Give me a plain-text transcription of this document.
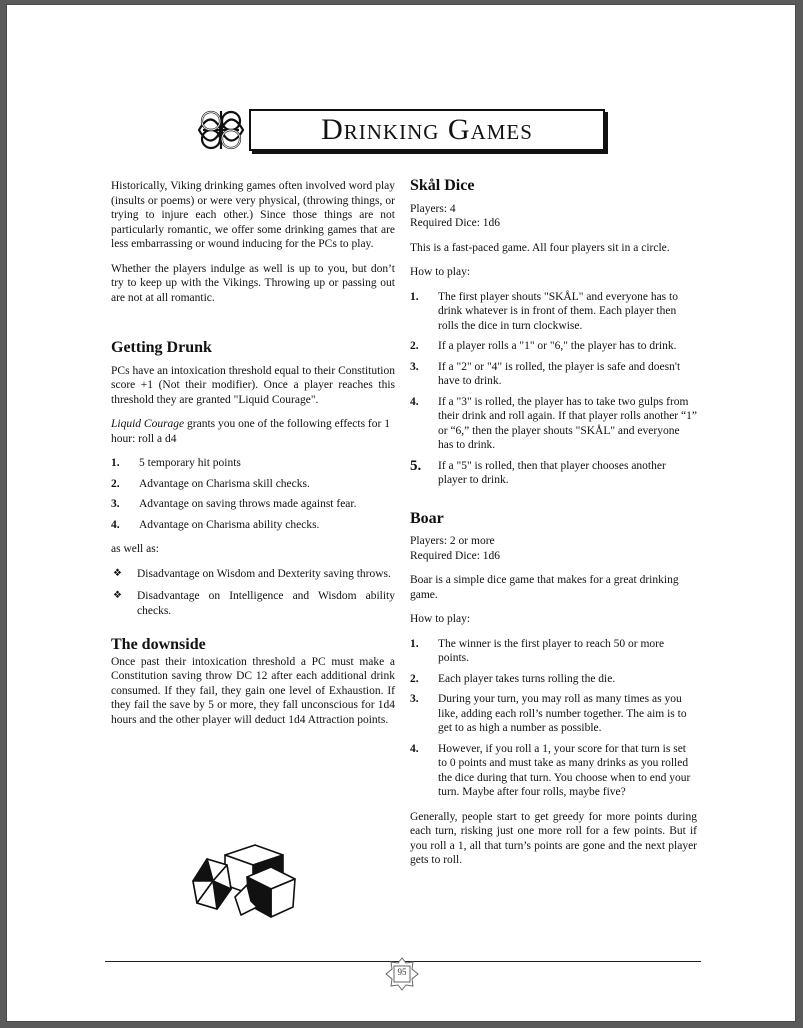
Drinking Games

Historically, Viking drinking games often involved word play (insults or poems) or were very physical, (throwing things, or trying to injure each other.) Since those things are not particularly romantic, we offer some drinking games that are less embarrassing or wound inducing for the PCs to play.

Whether the players indulge as well is up to you, but don’t try to keep up with the Vikings. Throwing up or passing out are not at all romantic.

Getting Drunk

PCs have an intoxication threshold equal to their Constitution score +1 (Not their modifier). Once a player reaches this threshold they are granted "Liquid Courage".

Liquid Courage grants you one of the following effects for 1 hour: roll a d4

1.	5 temporary hit points
2.	Advantage on Charisma skill checks.
3.	Advantage on saving throws made against fear.
4.	Advantage on Charisma ability checks.

as well as:

❖	Disadvantage on Wisdom and Dexterity saving throws.
❖	Disadvantage on Intelligence and Wisdom ability checks.
The downside

Once past their intoxication threshold a PC must make a Constitution saving throw DC 12 after each additional drink consumed. If they fail, they gain one level of Exhaustion. If they fail the save by 5 or more, they fall unconscious for 1d4 hours and the other player will deduct 1d4 Attraction points.

Skål Dice

Players: 4
Required Dice: 1d6

This is a fast-paced game. All four players sit in a circle.

How to play:

1.	The first player shouts "SKÅL" and everyone has to drink whatever is in front of them. Each player then rolls the dice in turn clockwise.
2.	If a player rolls a "1" or "6," the player has to drink.
3.	If a "2" or "4" is rolled, the player is safe and doesn't have to drink.
4.	If a "3" is rolled, the player has to take two gulps from their drink and roll again. If that player rolls another “1” or “6,” then the player shouts "SKÅL" and everyone has to drink.
5.	If a "5" is rolled, then that player chooses another player to drink.
Boar

Players: 2 or more
Required Dice: 1d6

Boar is a simple dice game that makes for a great drinking game.

How to play:

1.	The winner is the first player to reach 50 or more points.
2.	Each player takes turns rolling the die.
3.	During your turn, you may roll as many times as you like, adding each roll’s number together. The aim is to get to as high a number as possible.
4.	However, if you roll a 1, your score for that turn is set to 0 points and must take as many drinks as you rolled the dice during that turn. You choose when to end your turn. Maybe after four rolls, maybe five?

Generally, people start to get greedy for more points during each turn, risking just one more roll for a few points. But if you roll a 1, all that turn’s points are gone and the next player gets to roll.

95
